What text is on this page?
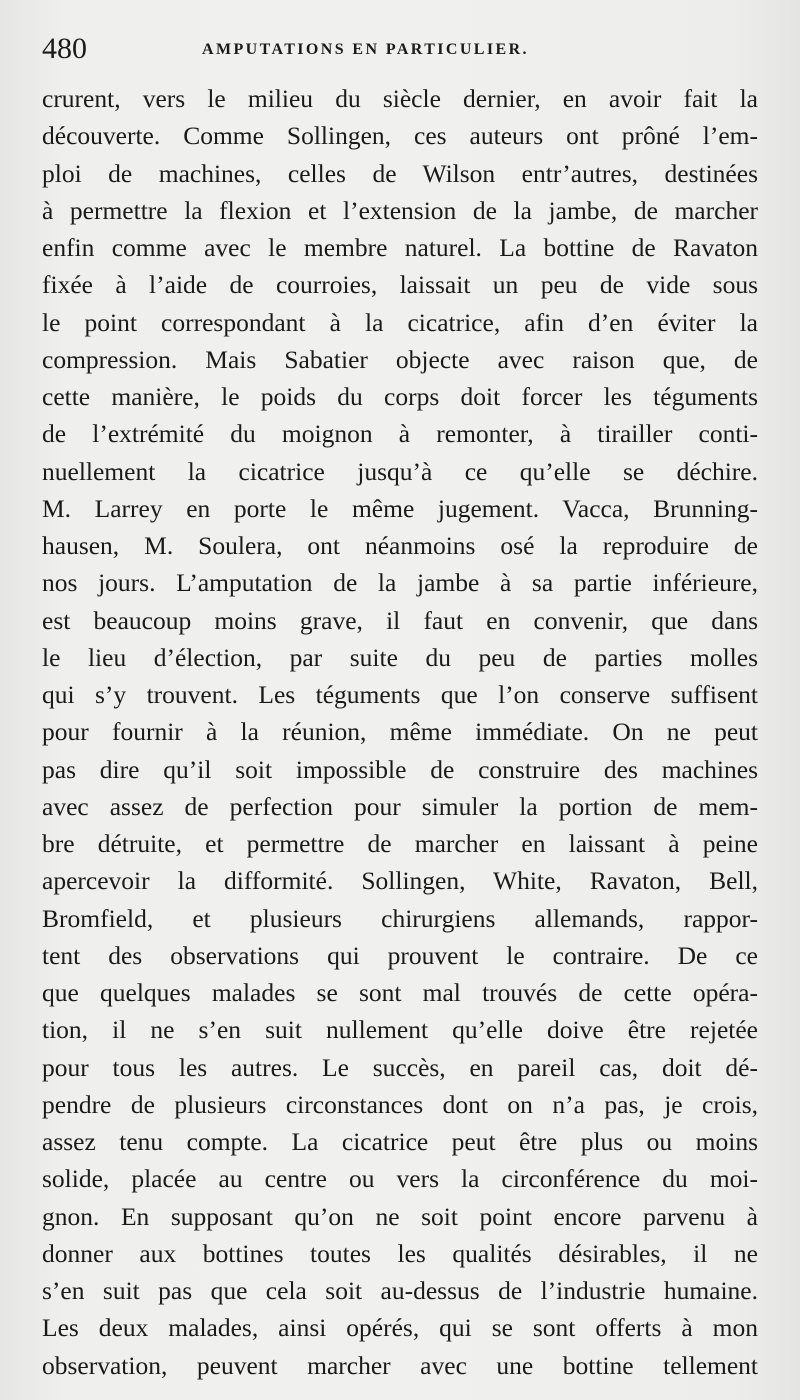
480	AMPUTATIONS EN PARTICULIER.
crurent, vers le milieu du siècle dernier, en avoir fait la
découverte. Comme Sollingen, ces auteurs ont prôné l’em-
ploi de machines, celles de Wilson entr’autres, destinées
à permettre la flexion et l’extension de la jambe, de marcher
enfin comme avec le membre naturel. La bottine de Ravaton
fixée à l’aide de courroies, laissait un peu de vide sous
le point correspondant à la cicatrice, afin d’en éviter la
compression. Mais Sabatier objecte avec raison que, de
cette manière, le poids du corps doit forcer les téguments
de l’extrémité du moignon à remonter, à tirailler conti-
nuellement la cicatrice jusqu’à ce qu’elle se déchire.
M. Larrey en porte le même jugement. Vacca, Brunning-
hausen, M. Soulera, ont néanmoins osé la reproduire de
nos jours. L’amputation de la jambe à sa partie inférieure,
est beaucoup moins grave, il faut en convenir, que dans
le lieu d’élection, par suite du peu de parties molles
qui s’y trouvent. Les téguments que l’on conserve suffisent
pour fournir à la réunion, même immédiate. On ne peut
pas dire qu’il soit impossible de construire des machines
avec assez de perfection pour simuler la portion de mem-
bre détruite, et permettre de marcher en laissant à peine
apercevoir la difformité. Sollingen, White, Ravaton, Bell,
Bromfield, et plusieurs chirurgiens allemands, rappor-
tent des observations qui prouvent le contraire. De ce
que quelques malades se sont mal trouvés de cette opéra-
tion, il ne s’en suit nullement qu’elle doive être rejetée
pour tous les autres. Le succès, en pareil cas, doit dé-
pendre de plusieurs circonstances dont on n’a pas, je crois,
assez tenu compte. La cicatrice peut être plus ou moins
solide, placée au centre ou vers la circonférence du moi-
gnon. En supposant qu’on ne soit point encore parvenu à
donner aux bottines toutes les qualités désirables, il ne
s’en suit pas que cela soit au-dessus de l’industrie humaine.
Les deux malades, ainsi opérés, qui se sont offerts à mon
observation, peuvent marcher avec une bottine tellement
